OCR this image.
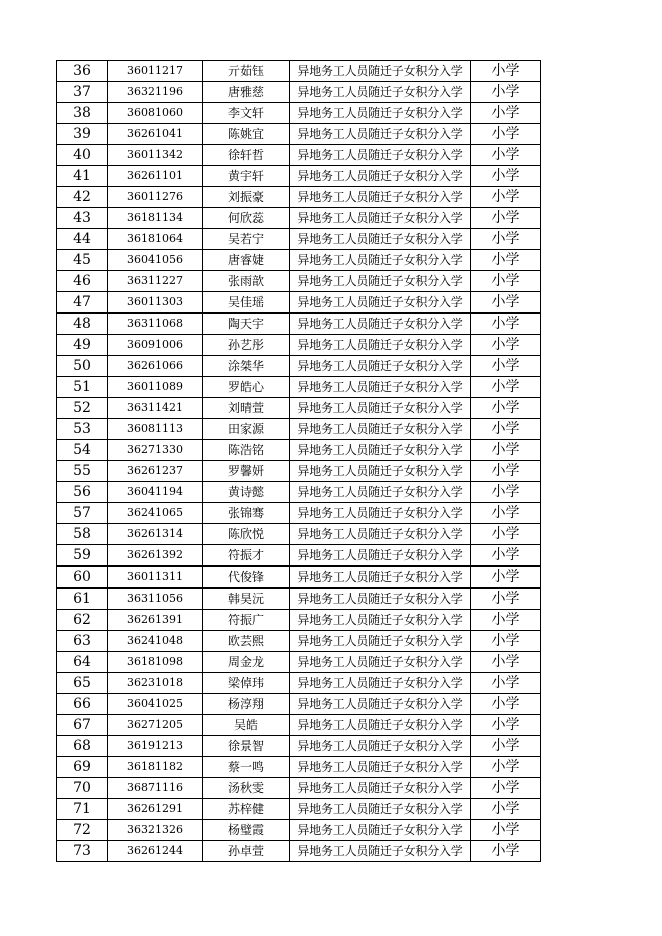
36	36011217	亓茹钰	异地务工人员随迁子女积分入学	小学
37	36321196	唐雅慈	异地务工人员随迁子女积分入学	小学
38	36081060	李文轩	异地务工人员随迁子女积分入学	小学
39	36261041	陈姚宜	异地务工人员随迁子女积分入学	小学
40	36011342	徐轩哲	异地务工人员随迁子女积分入学	小学
41	36261101	黄宇轩	异地务工人员随迁子女积分入学	小学
42	36011276	刘振豪	异地务工人员随迁子女积分入学	小学
43	36181134	何欣蕊	异地务工人员随迁子女积分入学	小学
44	36181064	吴若宁	异地务工人员随迁子女积分入学	小学
45	36041056	唐睿婕	异地务工人员随迁子女积分入学	小学
46	36311227	张雨歆	异地务工人员随迁子女积分入学	小学
47	36011303	吴佳瑶	异地务工人员随迁子女积分入学	小学
48	36311068	陶天宇	异地务工人员随迁子女积分入学	小学
49	36091006	孙艺彤	异地务工人员随迁子女积分入学	小学
50	36261066	涂桀华	异地务工人员随迁子女积分入学	小学
51	36011089	罗皓心	异地务工人员随迁子女积分入学	小学
52	36311421	刘晴萱	异地务工人员随迁子女积分入学	小学
53	36081113	田家源	异地务工人员随迁子女积分入学	小学
54	36271330	陈浩铭	异地务工人员随迁子女积分入学	小学
55	36261237	罗馨妍	异地务工人员随迁子女积分入学	小学
56	36041194	黄诗懿	异地务工人员随迁子女积分入学	小学
57	36241065	张锦骞	异地务工人员随迁子女积分入学	小学
58	36261314	陈欣悦	异地务工人员随迁子女积分入学	小学
59	36261392	符振才	异地务工人员随迁子女积分入学	小学
60	36011311	代俊锋	异地务工人员随迁子女积分入学	小学
61	36311056	韩昊沅	异地务工人员随迁子女积分入学	小学
62	36261391	符振广	异地务工人员随迁子女积分入学	小学
63	36241048	欧芸熙	异地务工人员随迁子女积分入学	小学
64	36181098	周金龙	异地务工人员随迁子女积分入学	小学
65	36231018	梁倬玮	异地务工人员随迁子女积分入学	小学
66	36041025	杨淳翔	异地务工人员随迁子女积分入学	小学
67	36271205	吴皓	异地务工人员随迁子女积分入学	小学
68	36191213	徐景智	异地务工人员随迁子女积分入学	小学
69	36181182	蔡一鸣	异地务工人员随迁子女积分入学	小学
70	36871116	汤秋雯	异地务工人员随迁子女积分入学	小学
71	36261291	苏梓健	异地务工人员随迁子女积分入学	小学
72	36321326	杨璧霞	异地务工人员随迁子女积分入学	小学
73	36261244	孙卓萱	异地务工人员随迁子女积分入学	小学
